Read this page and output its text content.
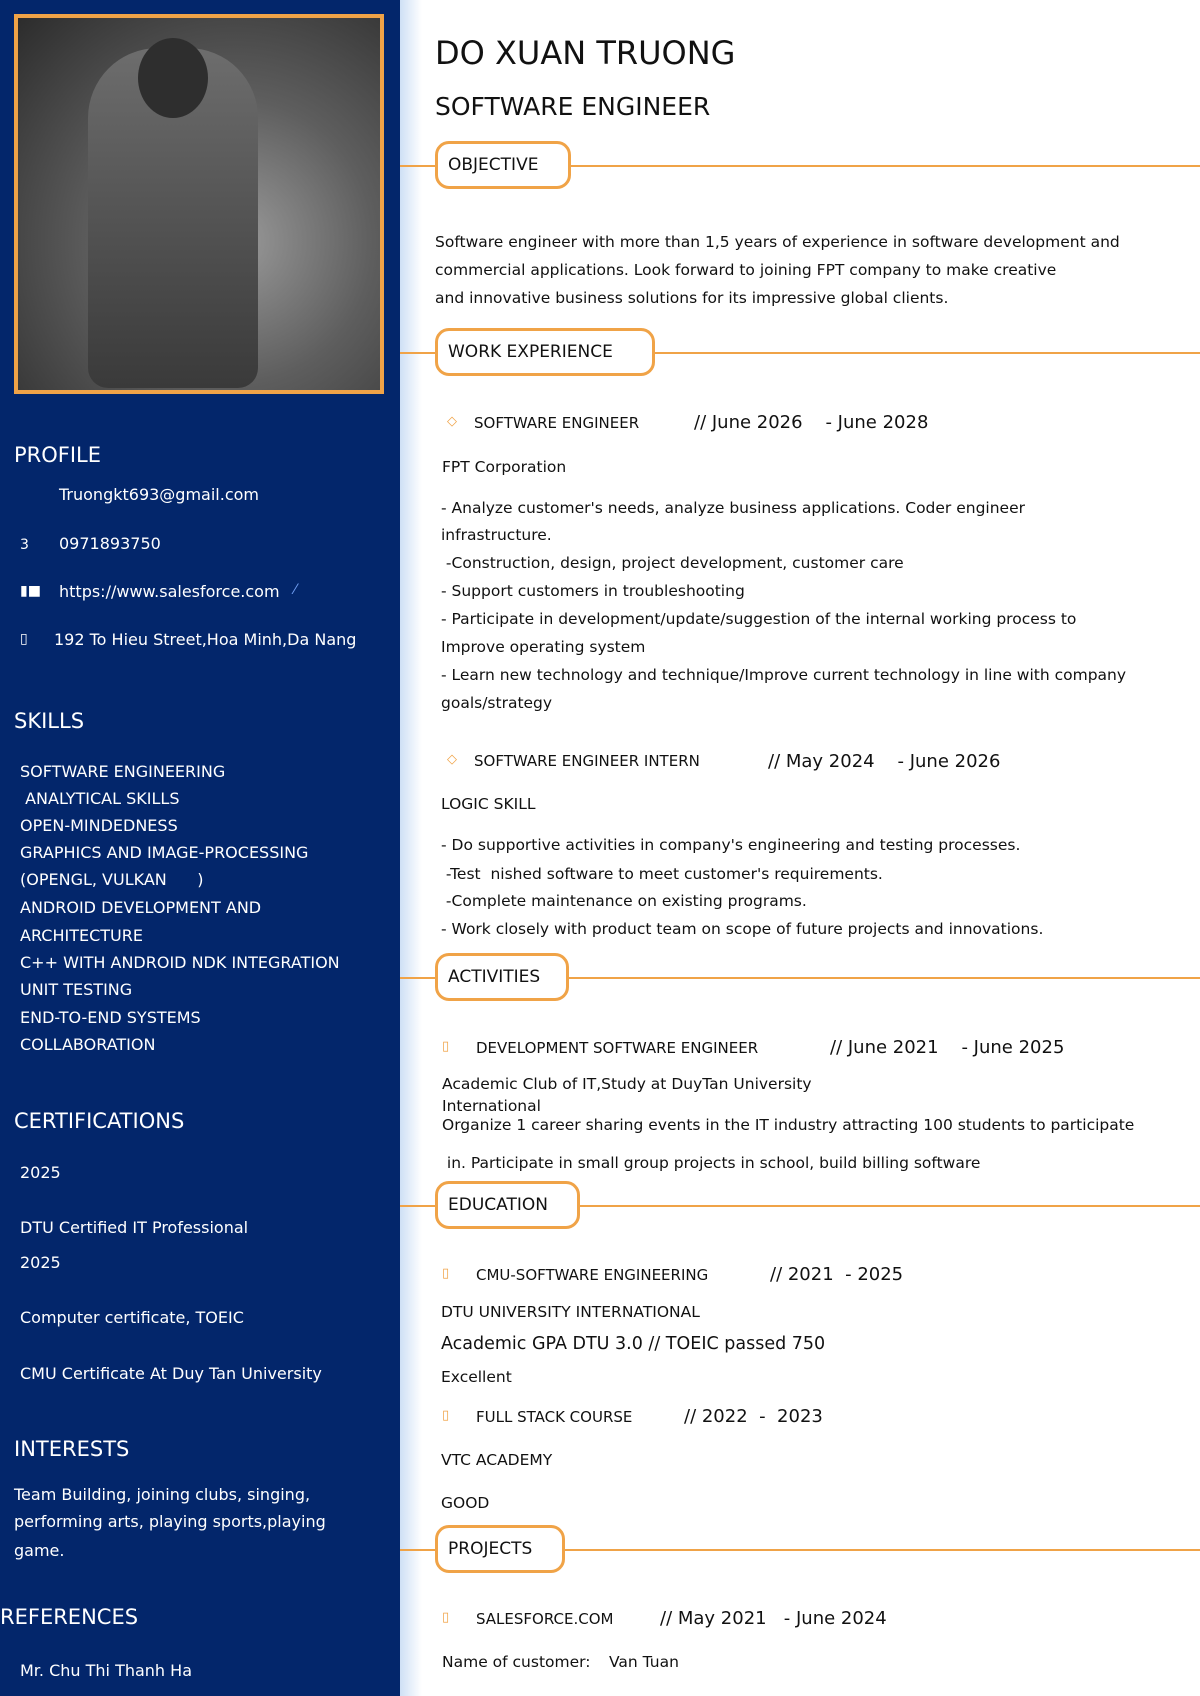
PROFILE
Truongkt693@gmail.com
3 0971893750
▮■ https://www.salesforce.com ⁄
▯ 192 To Hieu Street,Hoa Minh,Da Nang
SKILLS
SOFTWARE ENGINEERING
ANALYTICAL SKILLS
OPEN-MINDEDNESS
GRAPHICS AND IMAGE-PROCESSING
(OPENGL, VULKAN      )
ANDROID DEVELOPMENT AND
ARCHITECTURE
C++ WITH ANDROID NDK INTEGRATION
UNIT TESTING
END-TO-END SYSTEMS
COLLABORATION
CERTIFICATIONS
2025
DTU Certified IT Professional
2025
Computer certificate, TOEIC
CMU Certificate At Duy Tan University
INTERESTS
Team Building, joining clubs, singing,
performing arts, playing sports,playing
game.
REFERENCES
Mr. Chu Thi Thanh Ha
DO XUAN TRUONG
SOFTWARE ENGINEER
OBJECTIVE
Software engineer with more than 1,5 years of experience in software development and
commercial applications. Look forward to joining FPT company to make creative
and innovative business solutions for its impressive global clients.
WORK EXPERIENCE
◇ SOFTWARE ENGINEER	// June 2026    - June 2028
FPT Corporation
- Analyze customer's needs, analyze business applications. Coder engineer
infrastructure.
-Construction, design, project development, customer care
- Support customers in troubleshooting
- Participate in development/update/suggestion of the internal working process to
Improve operating system
- Learn new technology and technique/Improve current technology in line with company
goals/strategy
◇ SOFTWARE ENGINEER INTERN	// May 2024    - June 2026
LOGIC SKILL
- Do supportive activities in company's engineering and testing processes.
-Test  nished software to meet customer's requirements.
-Complete maintenance on existing programs.
- Work closely with product team on scope of future projects and innovations.
ACTIVITIES
▯ DEVELOPMENT SOFTWARE ENGINEER	// June 2021    - June 2025
Academic Club of IT,Study at DuyTan University
International
Organize 1 career sharing events in the IT industry attracting 100 students to participate
in. Participate in small group projects in school, build billing software
EDUCATION
▯ CMU-SOFTWARE ENGINEERING	// 2021  - 2025
DTU UNIVERSITY INTERNATIONAL
Academic GPA DTU 3.0 // TOEIC passed 750
Excellent
▯ FULL STACK COURSE	// 2022  -  2023
VTC ACADEMY
GOOD
PROJECTS
▯ SALESFORCE.COM	// May 2021   - June 2024
Name of customer: Van Tuan
